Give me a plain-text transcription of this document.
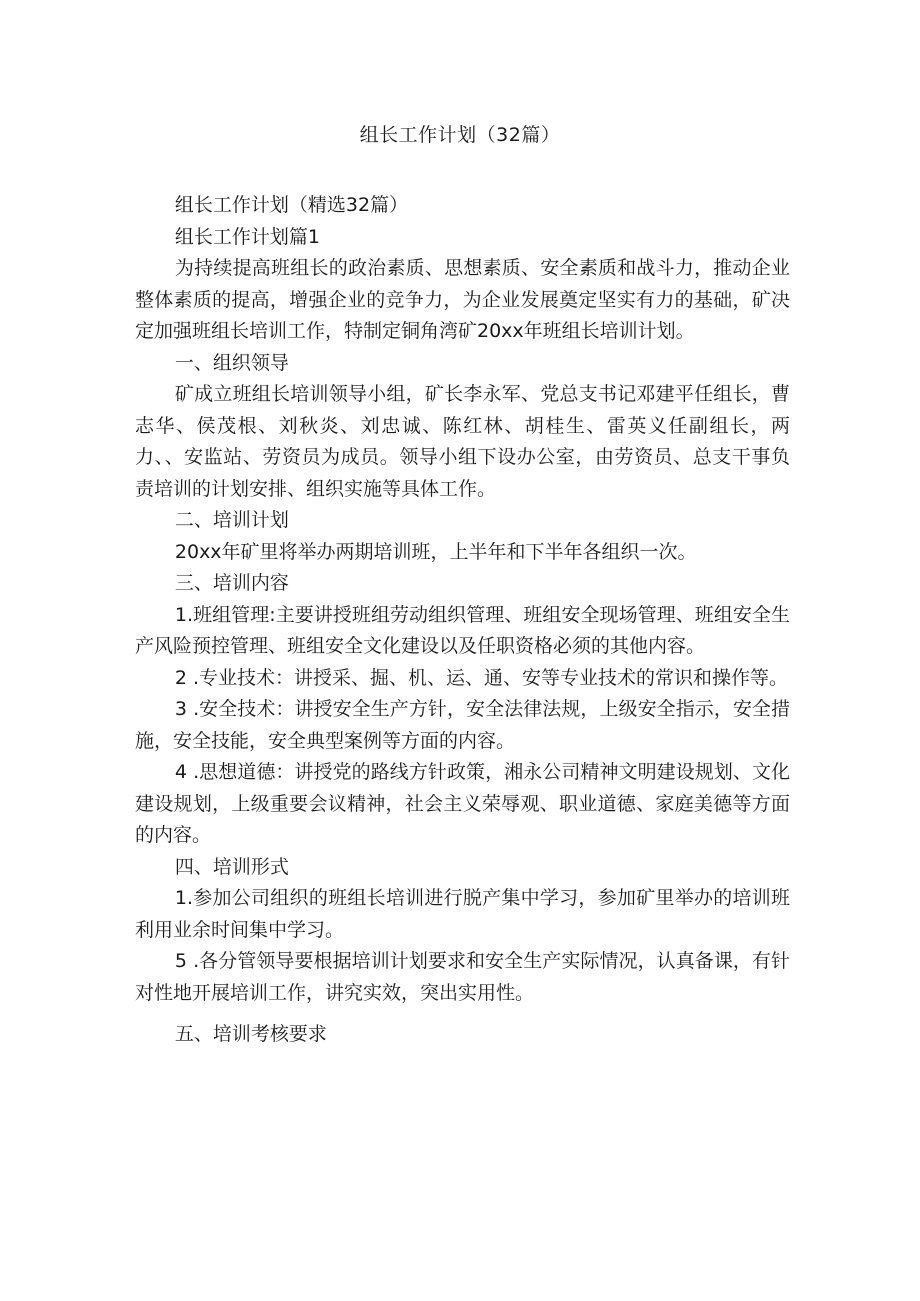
组长工作计划（32篇）

组长工作计划（精选32篇）

组长工作计划篇1

为持续提高班组长的政治素质、思想素质、安全素质和战斗力，推动企业整体素质的提高，增强企业的竞争力，为企业发展奠定坚实有力的基础，矿决定加强班组长培训工作，特制定铜角湾矿20xx年班组长培训计划。

一、组织领导

矿成立班组长培训领导小组，矿长李永军、党总支书记邓建平任组长，曹志华、侯茂根、刘秋炎、刘忠诚、陈红林、胡桂生、雷英义任副组长，两力、、安监站、劳资员为成员。领导小组下设办公室，由劳资员、总支干事负责培训的计划安排、组织实施等具体工作。

二、培训计划

20xx年矿里将举办两期培训班，上半年和下半年各组织一次。

三、培训内容

1.班组管理:主要讲授班组劳动组织管理、班组安全现场管理、班组安全生产风险预控管理、班组安全文化建设以及任职资格必须的其他内容。

2 .专业技术：讲授采、掘、机、运、通、安等专业技术的常识和操作等。

3 .安全技术：讲授安全生产方针，安全法律法规，上级安全指示，安全措施，安全技能，安全典型案例等方面的内容。

4 .思想道德：讲授党的路线方针政策，湘永公司精神文明建设规划、文化建设规划，上级重要会议精神，社会主义荣辱观、职业道德、家庭美德等方面的内容。

四、培训形式

1.参加公司组织的班组长培训进行脱产集中学习，参加矿里举办的培训班利用业余时间集中学习。

5 .各分管领导要根据培训计划要求和安全生产实际情况，认真备课，有针对性地开展培训工作，讲究实效，突出实用性。

五、培训考核要求
